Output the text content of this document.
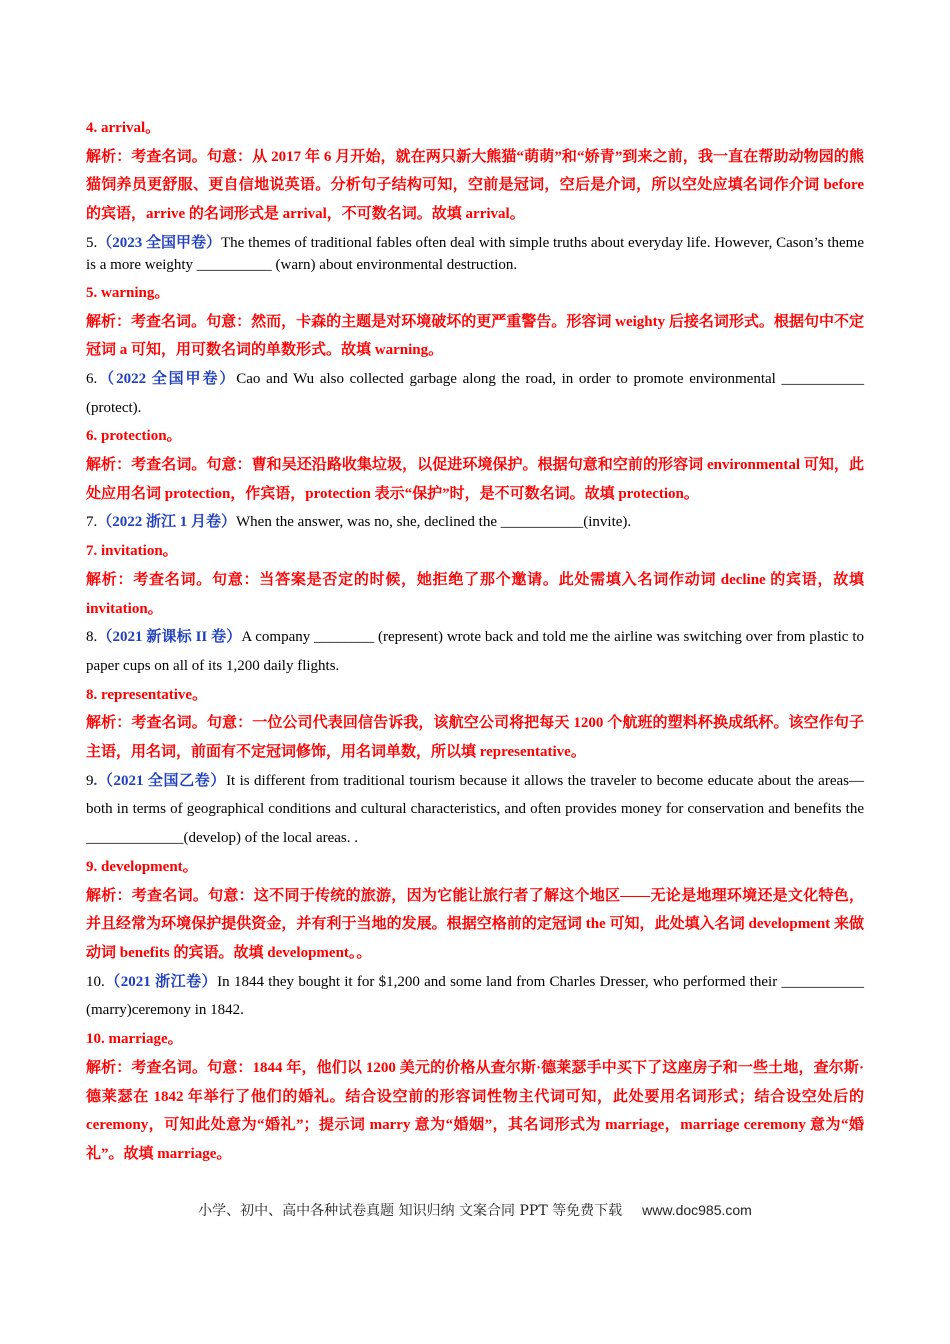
4. arrival。

解析：考查名词。句意：从 2017 年 6 月开始，就在两只新大熊猫“萌萌”和“娇青”到来之前，我一直在帮助动物园的熊猫饲养员更舒服、更自信地说英语。分析句子结构可知，空前是冠词，空后是介词，所以空处应填名词作介词 before 的宾语，arrive 的名词形式是 arrival，不可数名词。故填 arrival。

5.（2023 全国甲卷）The themes of traditional fables often deal with simple truths about everyday life. However, Cason’s theme is a more weighty __________ (warn) about environmental destruction.

5. warning。

解析：考查名词。句意：然而，卡森的主题是对环境破坏的更严重警告。形容词 weighty 后接名词形式。根据句中不定冠词 a 可知，用可数名词的单数形式。故填 warning。

6.（2022 全国甲卷）Cao and Wu also collected garbage along the road, in order to promote environmental ___________ (protect).

6. protection。

解析：考查名词。句意：曹和吴还沿路收集垃圾，以促进环境保护。根据句意和空前的形容词 environmental 可知，此处应用名词 protection，作宾语，protection 表示“保护”时，是不可数名词。故填 protection。

7.（2022 浙江 1 月卷）When the answer, was no, she, declined the ___________(invite).

7. invitation。

解析：考查名词。句意：当答案是否定的时候，她拒绝了那个邀请。此处需填入名词作动词 decline 的宾语，故填 invitation。

8.（2021 新课标 II 卷）A company ________ (represent) wrote back and told me the airline was switching over from plastic to paper cups on all of its 1,200 daily flights.

8. representative。

解析：考查名词。句意：一位公司代表回信告诉我，该航空公司将把每天 1200 个航班的塑料杯换成纸杯。该空作句子主语，用名词，前面有不定冠词修饰，用名词单数，所以填 representative。

9.（2021 全国乙卷）It is different from traditional tourism because it allows the traveler to become educate about the areas—both in terms of geographical conditions and cultural characteristics, and often provides money for conservation and benefits the _____________(develop) of the local areas. .

9. development。

解析：考查名词。句意：这不同于传统的旅游，因为它能让旅行者了解这个地区——无论是地理环境还是文化特色，并且经常为环境保护提供资金，并有利于当地的发展。根据空格前的定冠词 the 可知，此处填入名词 development 来做动词 benefits 的宾语。故填 development。。

10.（2021 浙江卷）In 1844 they bought it for $1,200 and some land from Charles Dresser, who performed their ___________ (marry)ceremony in 1842.

10. marriage。

解析：考查名词。句意：1844 年，他们以 1200 美元的价格从查尔斯·德莱瑟手中买下了这座房子和一些土地，查尔斯·德莱瑟在 1842 年举行了他们的婚礼。结合设空前的形容词性物主代词可知，此处要用名词形式；结合设空处后的 ceremony，可知此处意为“婚礼”；提示词 marry 意为“婚姻”，其名词形式为 marriage，marriage ceremony 意为“婚礼”。故填 marriage。

小学、初中、高中各种试卷真题 知识归纳 文案合同 PPT 等免费下载 www.doc985.com
